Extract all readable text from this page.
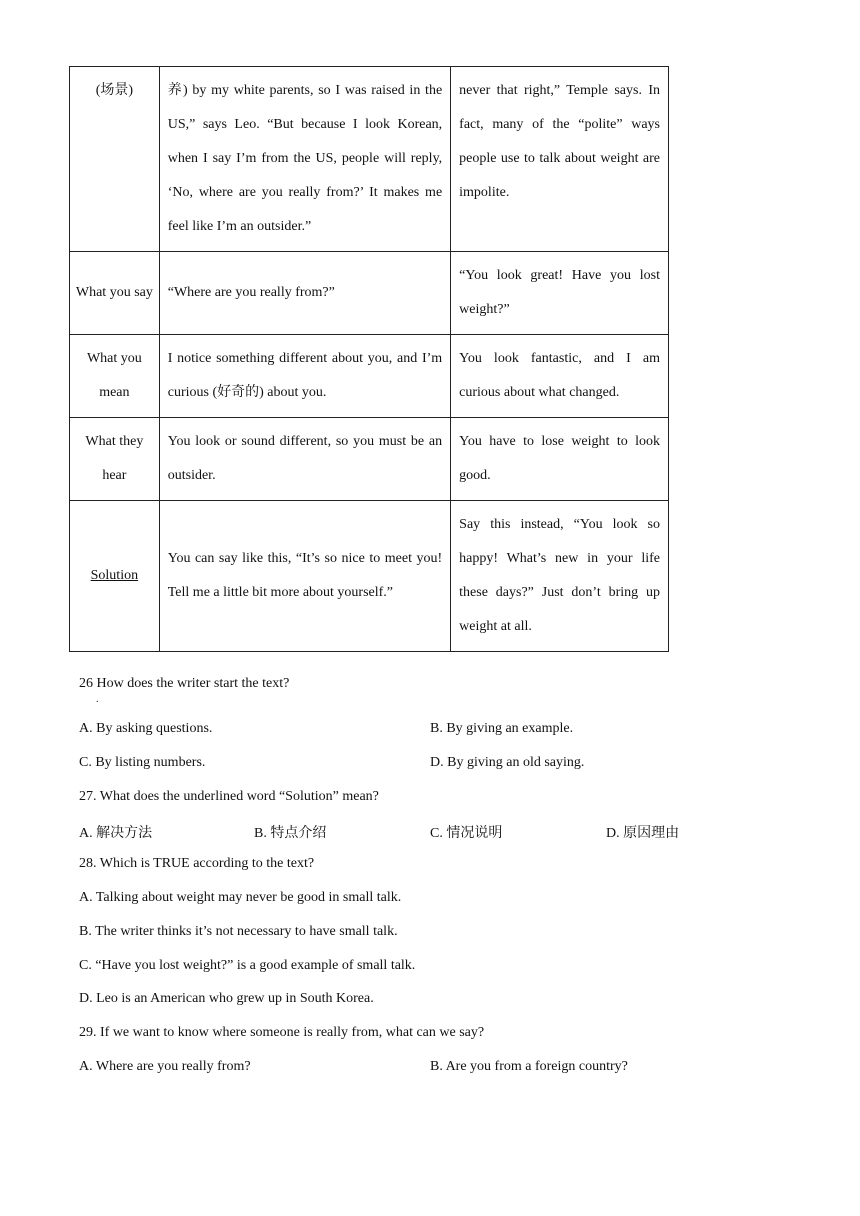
(场景)	养) by my white parents, so I was raised in the US,” says Leo. “But because I look Korean, when I say I’m from the US, people will reply, ‘No, where are you really from?’ It makes me feel like I’m an outsider.”	never that right,” Temple says. In fact, many of the “polite” ways people use to talk about weight are impolite.
What you say	“Where are you really from?”	“You look great! Have you lost weight?”
What you mean	I notice something different about you, and I’m curious (好奇的) about you.	You look fantastic, and I am curious about what changed.
What they hear	You look or sound different, so you must be an outsider.	You have to lose weight to look good.
Solution	You can say like this, “It’s so nice to meet you! Tell me a little bit more about yourself.”	Say this instead, “You look so happy! What’s new in your life these days?” Just don’t bring up weight at all.
26 How does the writer start the text?
.
A. By asking questions.	B. By giving an example.
C. By listing numbers.	D. By giving an old saying.
27. What does the underlined word “Solution” mean?
A. 解决方法	B. 特点介绍	C. 情况说明	D. 原因理由
28. Which is TRUE according to the text?
A. Talking about weight may never be good in small talk.
B. The writer thinks it’s not necessary to have small talk.
C. “Have you lost weight?” is a good example of small talk.
D. Leo is an American who grew up in South Korea.
29. If we want to know where someone is really from, what can we say?
A. Where are you really from?	B. Are you from a foreign country?
